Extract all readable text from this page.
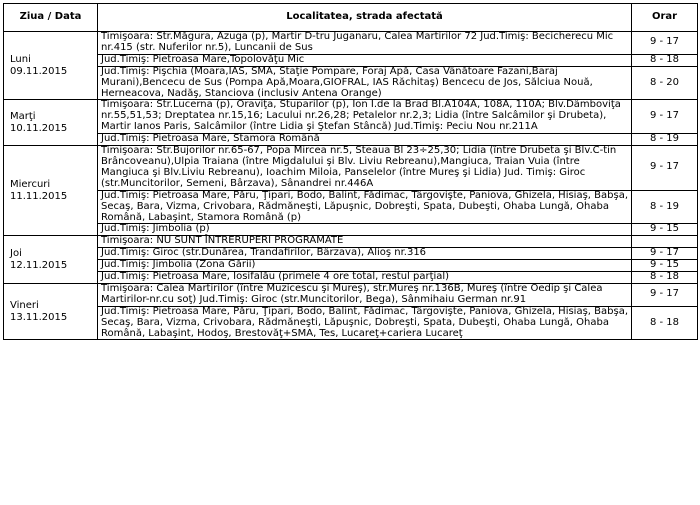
Ziua / Data	Localitatea, strada afectată	Orar

Luni
09.11.2015	Timişoara: Str.Măgura, Azuga (p), Martir D-tru Juganaru, Calea Martirilor 72 Jud.Timiş: Becicherecu Mic nr.415 (str. Nuferilor nr.5), Luncanii de Sus	9 - 17
	Jud.Timiş: Pietroasa Mare,Topolovăţu Mic	8 - 18
	Jud.Timiş: Pişchia (Moara,IAS, SMA, Staţie Pompare, Foraj Apă, Casa Vânătoare Fazani,Baraj Murani),Bencecu de Sus (Pompa Apă,Moara,GIOFRAL, IAS Răchitaş) Bencecu de Jos, Sălciua Nouă, Herneacova, Nadăş, Stanciova (inclusiv Antena Orange)	8 - 20

Marţi
10.11.2015	Timişoara: Str.Lucerna (p), Oraviţa, Stuparilor (p), Ion I.de la Brad Bl.A104A, 108A, 110A; Blv.Dâmboviţa nr.55,51,53; Dreptatea nr.15,16; Lacului nr.26,28; Petalelor nr.2,3; Lidia (între Salcâmilor şi Drubeta), Martir Ianos Paris, Salcâmilor (între Lidia şi Ştefan Stâncă) Jud.Timiş: Peciu Nou nr.211A	9 - 17
	Jud.Timiş: Pietroasa Mare, Stamora Română	8 - 19

Miercuri
11.11.2015	Timişoara: Str.Bujorilor nr.65-67, Popa Mircea nr.5, Steaua Bl 23÷25,30; Lidia (între Drubeta şi Blv.C-tin Brâncoveanu),Ulpia Traiana (între Migdalului şi Blv. Liviu Rebreanu),Mangiuca, Traian Vuia (între Mangiuca şi Blv.Liviu Rebreanu), Ioachim Miloia, Panselelor (între Mureş şi Lidia) Jud. Timiş: Giroc (str.Muncitorilor, Semeni, Bârzava), Sânandrei nr.446A	9 - 17
	Jud.Timiş: Pietroasa Mare, Păru, Ţipari, Bodo, Balint, Fădimac, Târgovişte, Paniova, Ghizela, Hisiaş, Babşa, Secaş, Bara, Vizma, Crivobara, Rădmăneşti, Lăpuşnic, Dobreşti, Spata, Dubeşti, Ohaba Lungă, Ohaba Română, Labaşint, Stamora Română (p)	8 - 19
	Jud.Timiş: Jimbolia (p)	9 - 15

Joi
12.11.2015	Timişoara: NU SUNT ÎNTRERUPERI PROGRAMATE	
	Jud.Timiş: Giroc (str.Dunărea, Trandafirilor, Bârzava), Alioş nr.316	9 - 17
	Jud.Timiş: Jimbolia (Zona Gării)	9 - 15
	Jud.Timiş: Pietroasa Mare, Iosifalău (primele 4 ore total, restul parţial)	8 - 18

Vineri
13.11.2015	Timişoara: Calea Martirilor (între Muzicescu şi Mureş), str.Mureş nr.136B, Mureş (între Oedip şi Calea Martirilor-nr.cu soţ) Jud.Timiş: Giroc (str.Muncitorilor, Bega), Sânmihaiu German nr.91	9 - 17
	Jud.Timiş: Pietroasa Mare, Păru, Ţipari, Bodo, Balint, Fădimac, Târgovişte, Paniova, Ghizela, Hisiaş, Babşa, Secaş, Bara, Vizma, Crivobara, Rădmăneşti, Lăpuşnic, Dobreşti, Spata, Dubeşti, Ohaba Lungă, Ohaba Română, Labaşint, Hodoş, Brestovăţ+SMA, Tes, Lucareţ+cariera Lucareţ	8 - 18
